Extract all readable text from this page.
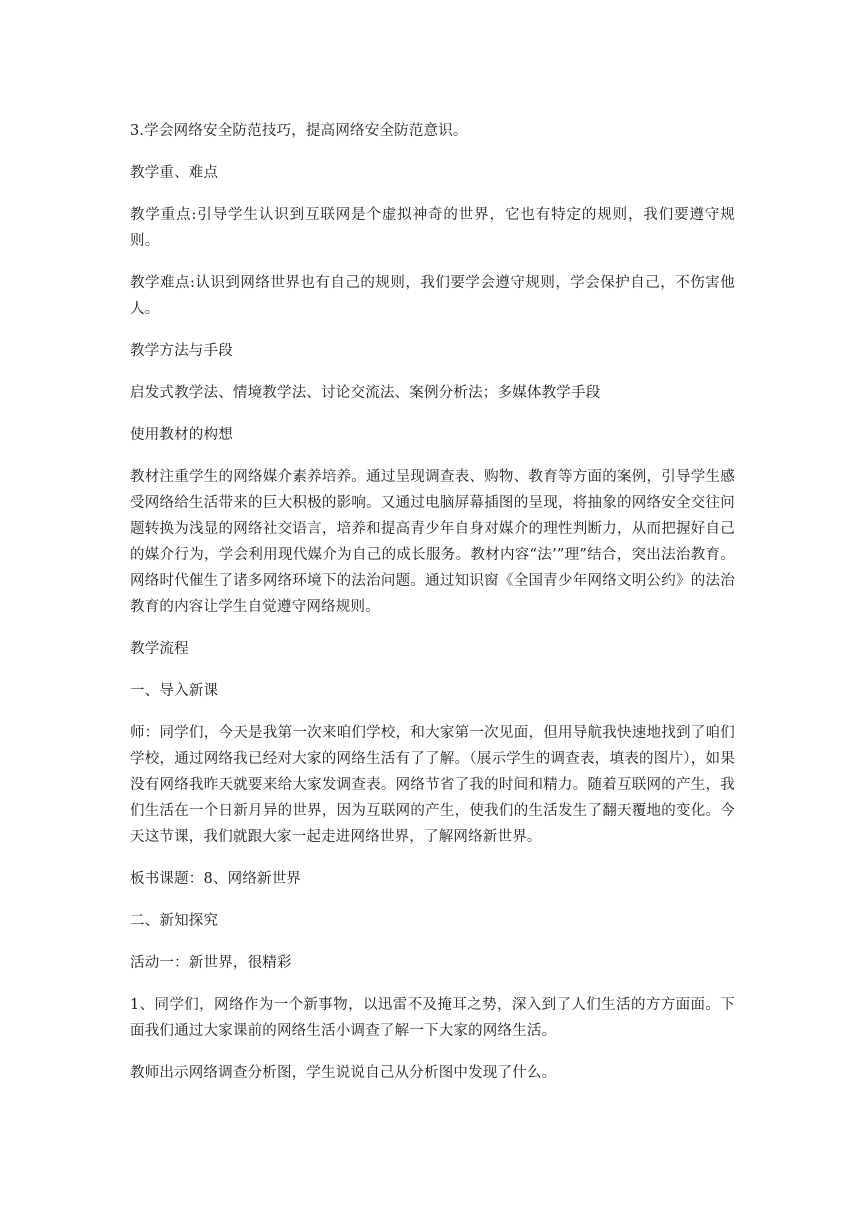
3.学会网络安全防范技巧，提高网络安全防范意识。

教学重、难点

教学重点:引导学生认识到互联网是个虚拟神奇的世界，它也有特定的规则，我们要遵守规则。

教学难点:认识到网络世界也有自己的规则，我们要学会遵守规则，学会保护自己，不伤害他人。

教学方法与手段

启发式教学法、情境教学法、讨论交流法、案例分析法；多媒体教学手段

使用教材的构想

教材注重学生的网络媒介素养培养。通过呈现调查表、购物、教育等方面的案例，引导学生感受网络给生活带来的巨大积极的影响。又通过电脑屏幕插图的呈现，将抽象的网络安全交往问题转换为浅显的网络社交语言，培养和提高青少年自身对媒介的理性判断力，从而把握好自己的媒介行为，学会利用现代媒介为自己的成长服务。教材内容“法’”理”结合，突出法治教育。网络时代催生了诸多网络环境下的法治问题。通过知识窗《全国青少年网络文明公约》的法治教育的内容让学生自觉遵守网络规则。

教学流程

一、导入新课

师：同学们，今天是我第一次来咱们学校，和大家第一次见面，但用导航我快速地找到了咱们学校，通过网络我已经对大家的网络生活有了了解。（展示学生的调查表，填表的图片），如果没有网络我昨天就要来给大家发调查表。网络节省了我的时间和精力。随着互联网的产生，我们生活在一个日新月异的世界，因为互联网的产生，使我们的生活发生了翻天覆地的变化。今天这节课，我们就跟大家一起走进网络世界，了解网络新世界。

板书课题：8、网络新世界

二、新知探究

活动一：新世界，很精彩

1、同学们，网络作为一个新事物，以迅雷不及掩耳之势，深入到了人们生活的方方面面。下面我们通过大家课前的网络生活小调查了解一下大家的网络生活。

教师出示网络调查分析图，学生说说自己从分析图中发现了什么。
